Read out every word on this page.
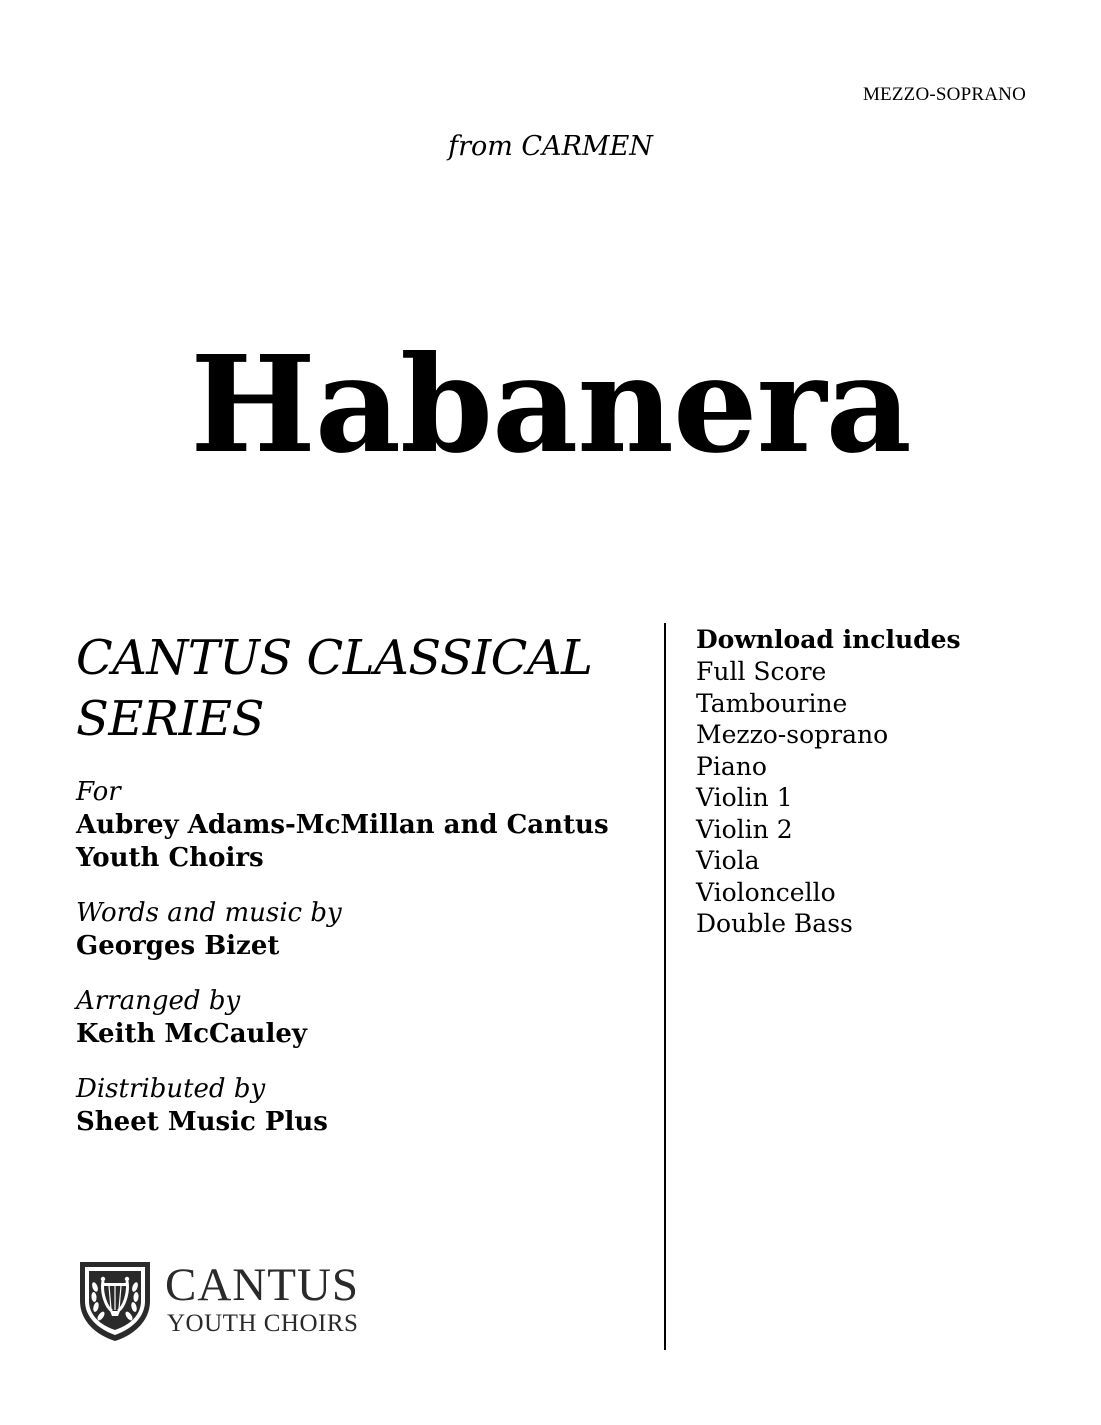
MEZZO-SOPRANO
from CARMEN
Habanera
CANTUS CLASSICAL SERIES
For
Aubrey Adams-McMillan and Cantus Youth Choirs
Words and music by
Georges Bizet
Arranged by
Keith McCauley
Distributed by
Sheet Music Plus
Download includes
Full Score
Tambourine
Mezzo-soprano
Piano
Violin 1
Violin 2
Viola
Violoncello
Double Bass
CANTUS
YOUTH CHOIRS
